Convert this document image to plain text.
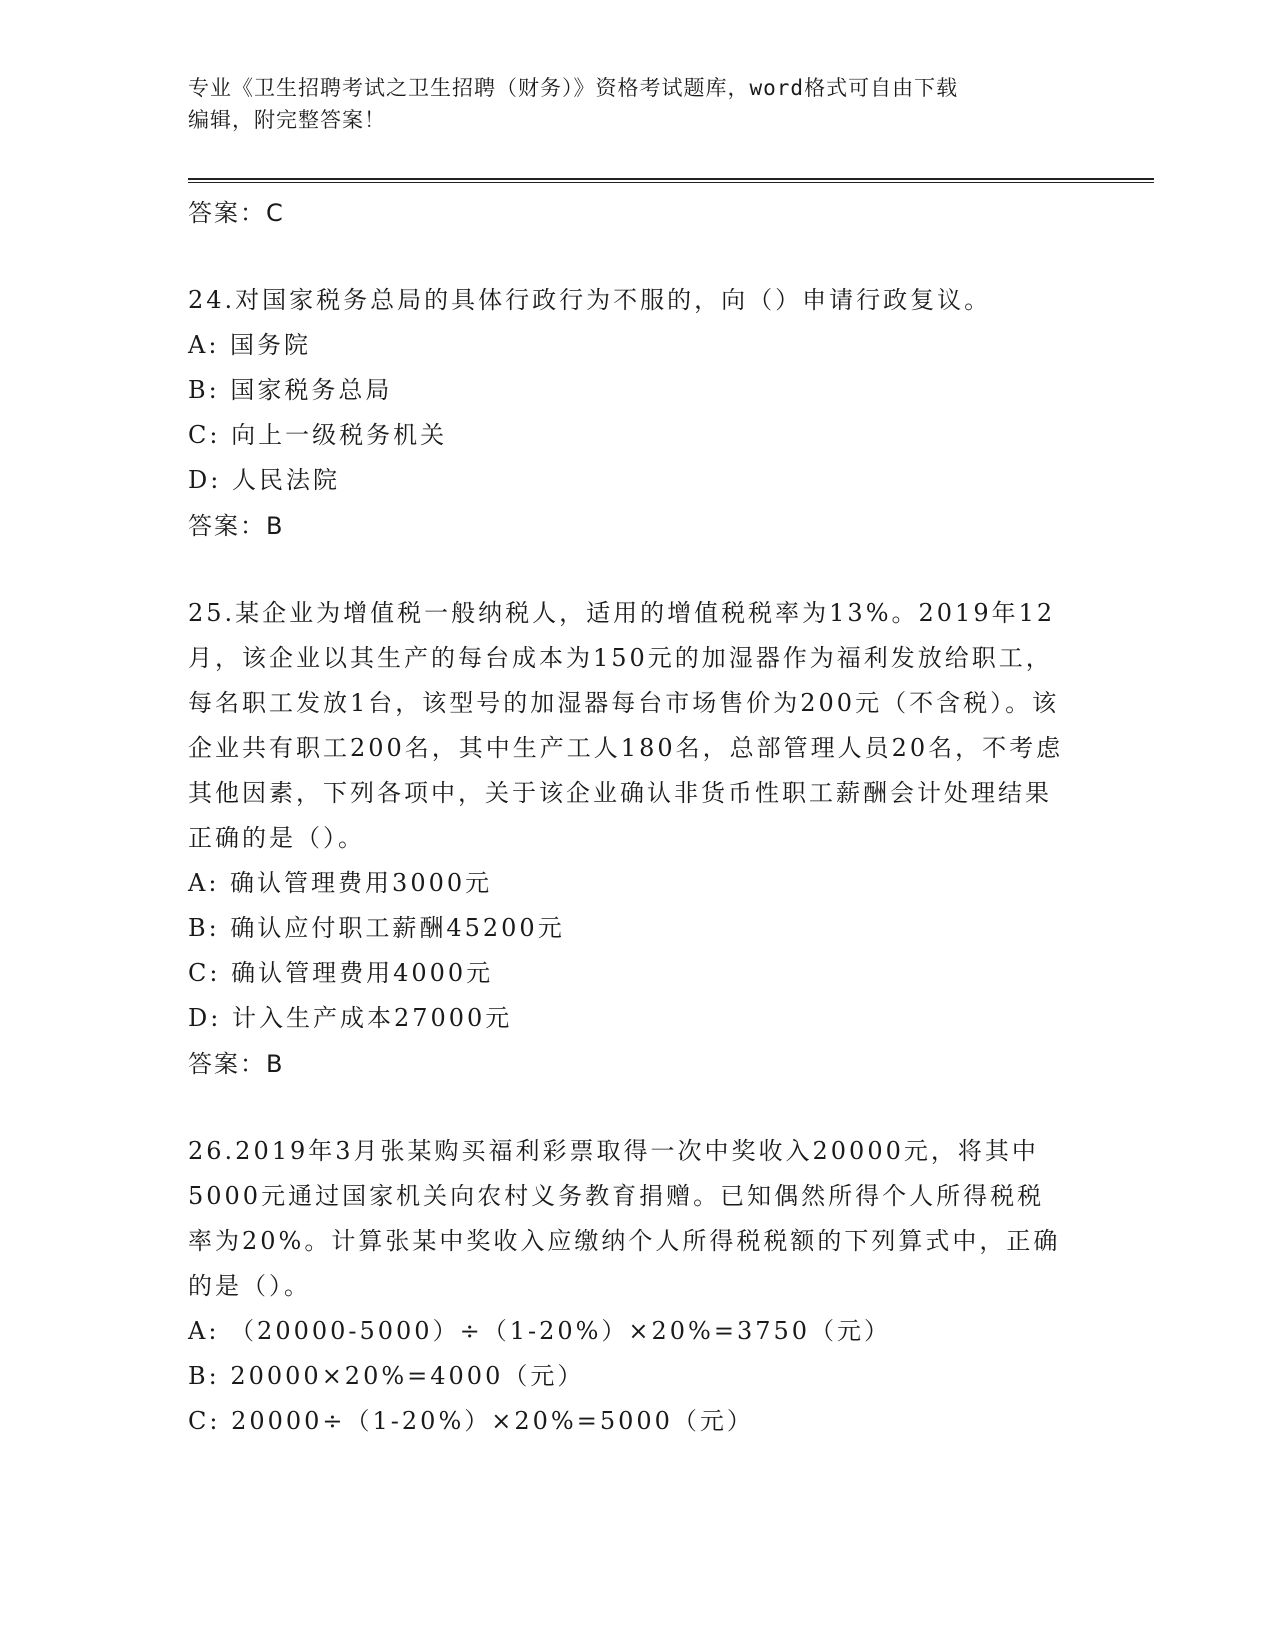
专业《卫生招聘考试之卫生招聘（财务）》资格考试题库，word格式可自由下载
编辑，附完整答案！
答案：C

24.对国家税务总局的具体行政行为不服的，向（）申请行政复议。

A: 国务院
B: 国家税务总局
C: 向上一级税务机关
D: 人民法院
答案：B

25.某企业为增值税一般纳税人，适用的增值税税率为13%。2019年12月，该企业以其生产的每台成本为150元的加湿器作为福利发放给职工，每名职工发放1台，该型号的加湿器每台市场售价为200元（不含税）。该企业共有职工200名，其中生产工人180名，总部管理人员20名，不考虑其他因素，下列各项中，关于该企业确认非货币性职工薪酬会计处理结果正确的是（）。

A: 确认管理费用3000元
B: 确认应付职工薪酬45200元
C: 确认管理费用4000元
D: 计入生产成本27000元
答案：B

26.2019年3月张某购买福利彩票取得一次中奖收入20000元，将其中5000元通过国家机关向农村义务教育捐赠。已知偶然所得个人所得税税率为20%。计算张某中奖收入应缴纳个人所得税税额的下列算式中，正确的是（）。

A: （20000-5000）÷（1-20%）×20%=3750（元）
B: 20000×20%=4000（元）
C: 20000÷（1-20%）×20%=5000（元）
